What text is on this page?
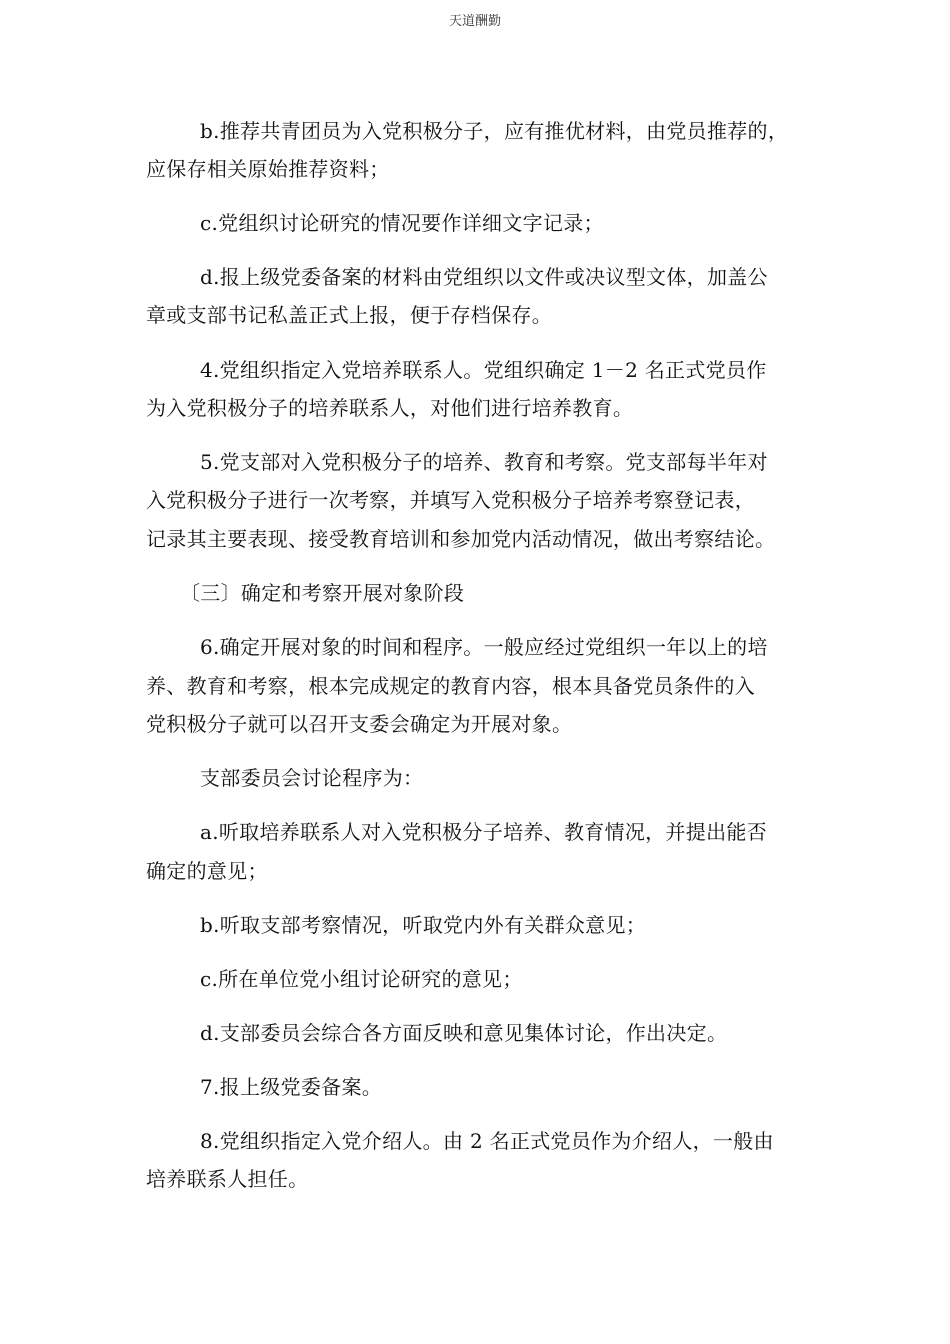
天道酬勤
b.推荐共青团员为入党积极分子，应有推优材料，由党员推荐的，
应保存相关原始推荐资料；
c.党组织讨论研究的情况要作详细文字记录；
d.报上级党委备案的材料由党组织以文件或决议型文体，加盖公
章或支部书记私盖正式上报，便于存档保存。
4.党组织指定入党培养联系人。党组织确定 1－2 名正式党员作
为入党积极分子的培养联系人，对他们进行培养教育。
5.党支部对入党积极分子的培养、教育和考察。党支部每半年对
入党积极分子进行一次考察，并填写入党积极分子培养考察登记表，
记录其主要表现、接受教育培训和参加党内活动情况，做出考察结论。
〔三〕确定和考察开展对象阶段
6.确定开展对象的时间和程序。一般应经过党组织一年以上的培
养、教育和考察，根本完成规定的教育内容，根本具备党员条件的入
党积极分子就可以召开支委会确定为开展对象。
支部委员会讨论程序为：
a.听取培养联系人对入党积极分子培养、教育情况，并提出能否
确定的意见；
b.听取支部考察情况，听取党内外有关群众意见；
c.所在单位党小组讨论研究的意见；
d.支部委员会综合各方面反映和意见集体讨论，作出决定。
7.报上级党委备案。
8.党组织指定入党介绍人。由 2 名正式党员作为介绍人，一般由
培养联系人担任。
